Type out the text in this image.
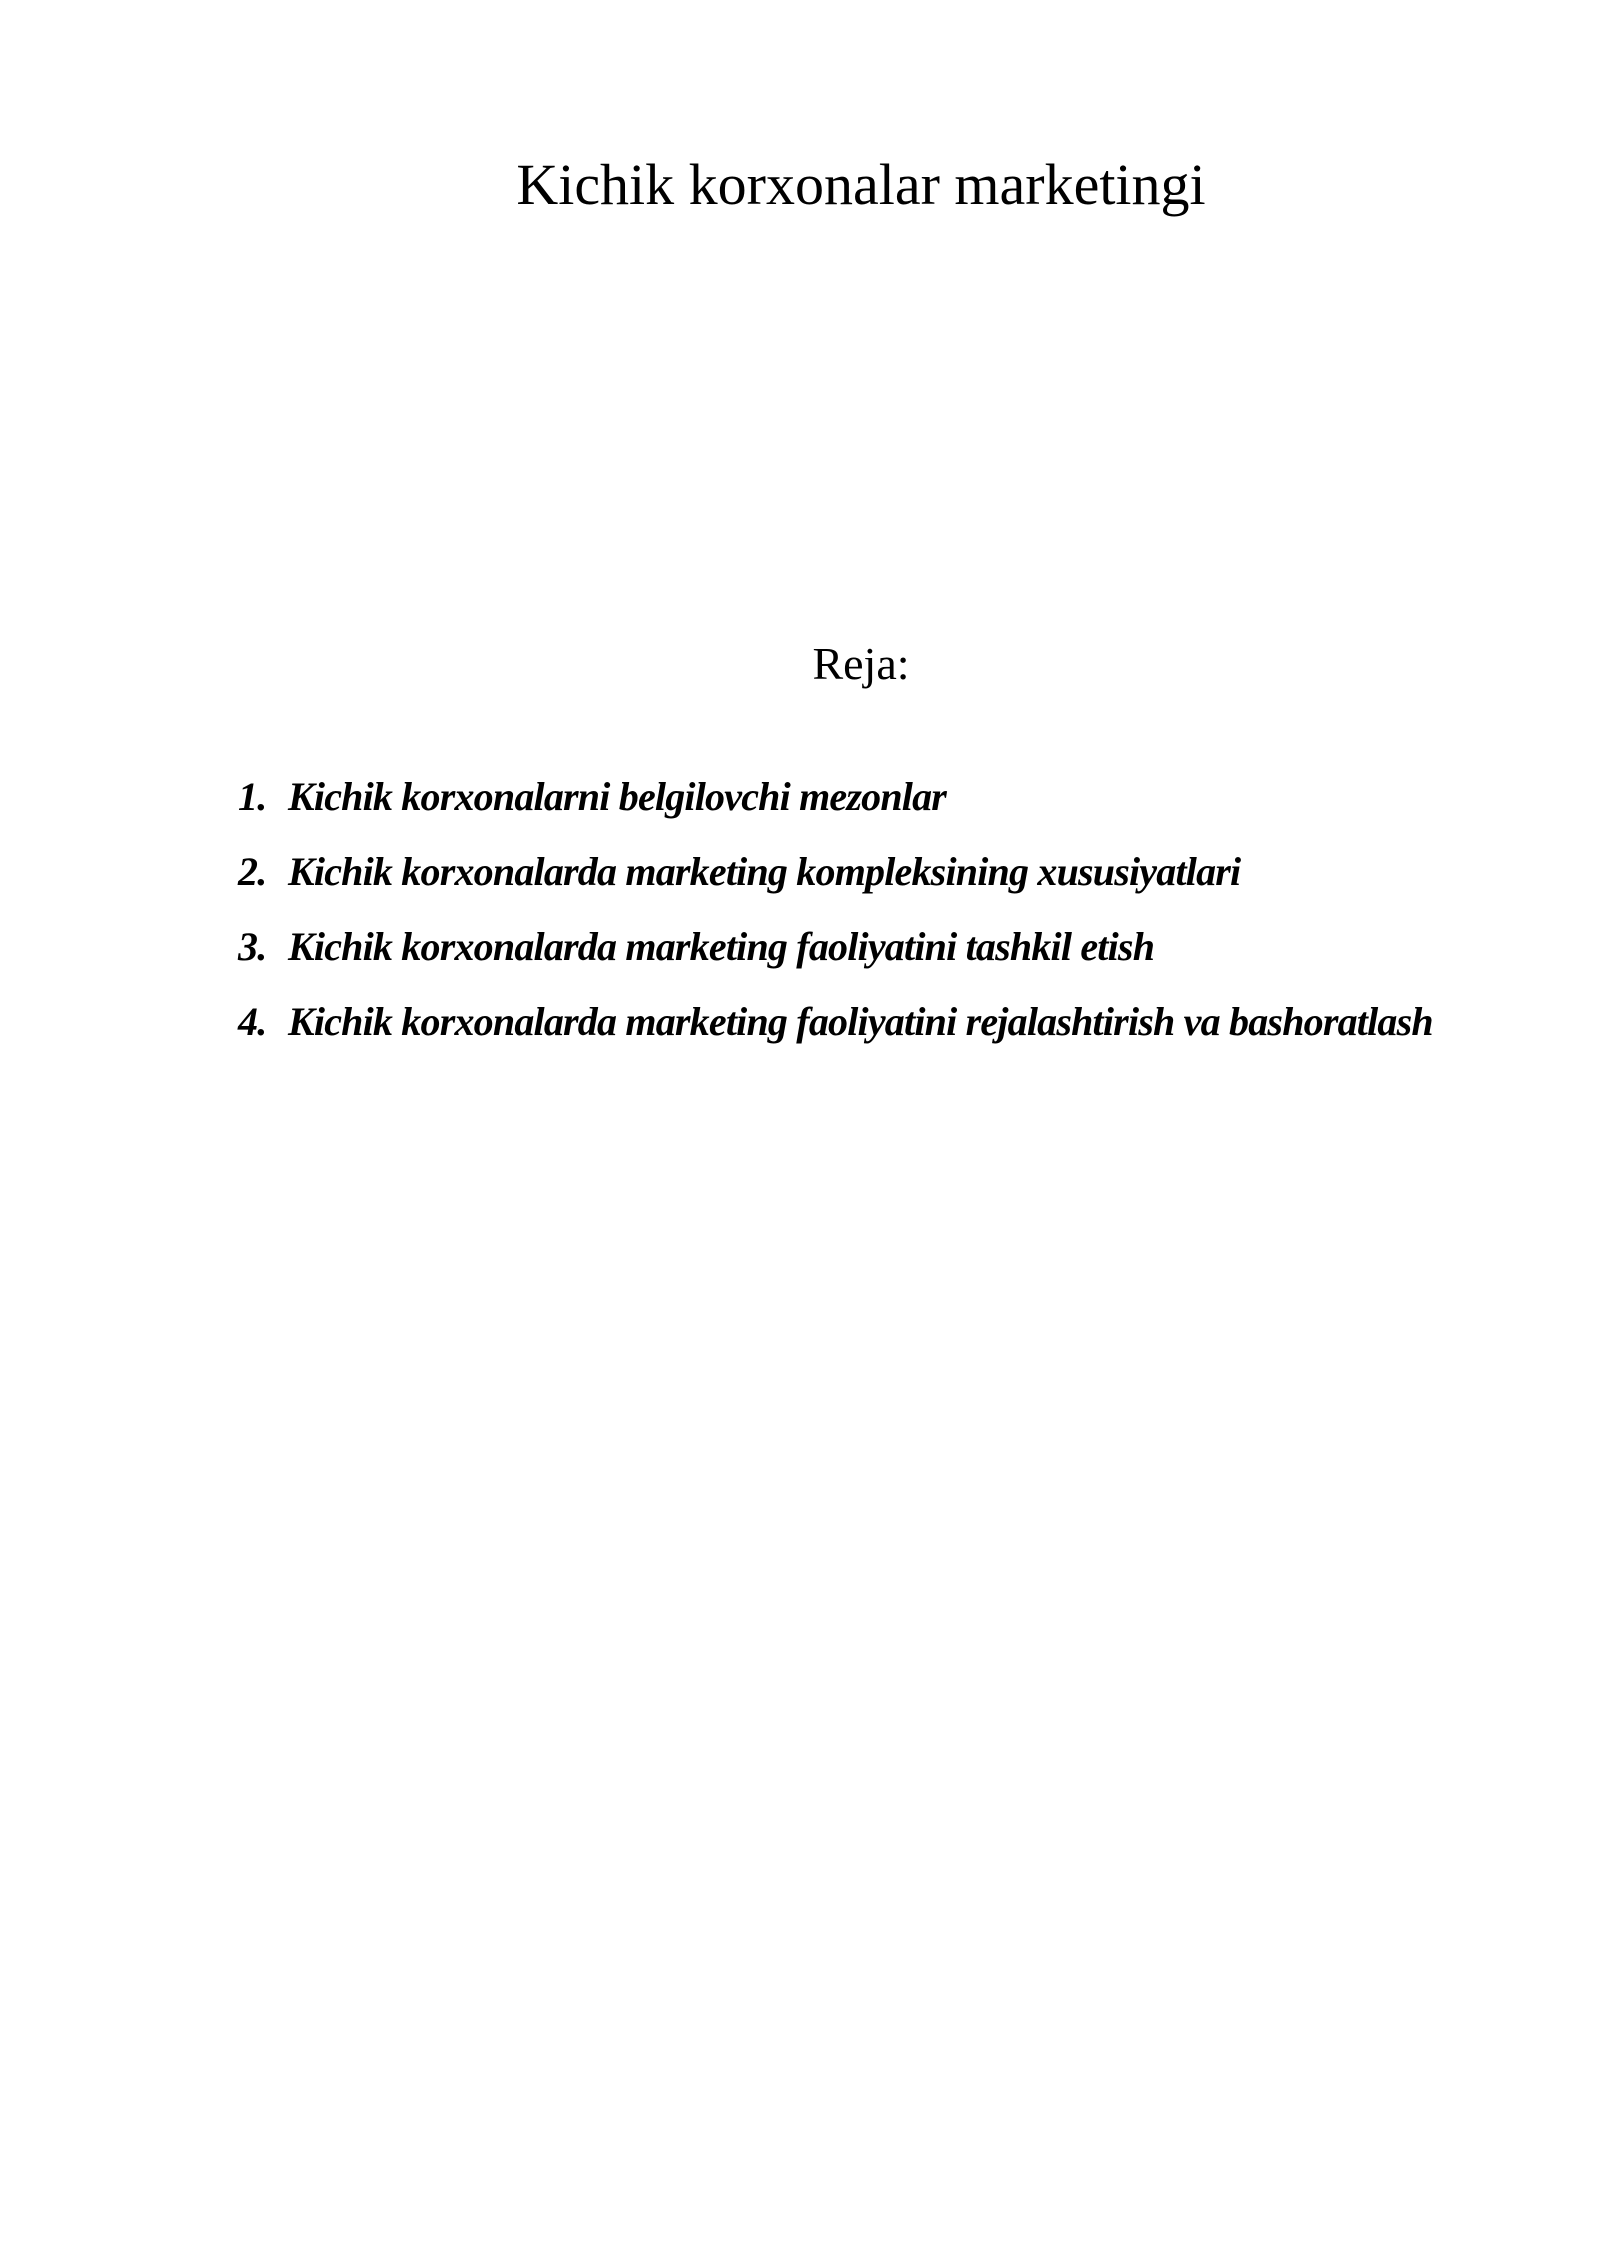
Kichik korxonalar marketingi
Reja:
1. Kichik korxonalarni belgilovchi mezonlar
2. Kichik korxonalarda marketing kompleksining xususiyatlari
3. Kichik korxonalarda marketing faoliyatini tashkil etish
4. Kichik korxonalarda marketing faoliyatini rejalashtirish va bashoratlash
